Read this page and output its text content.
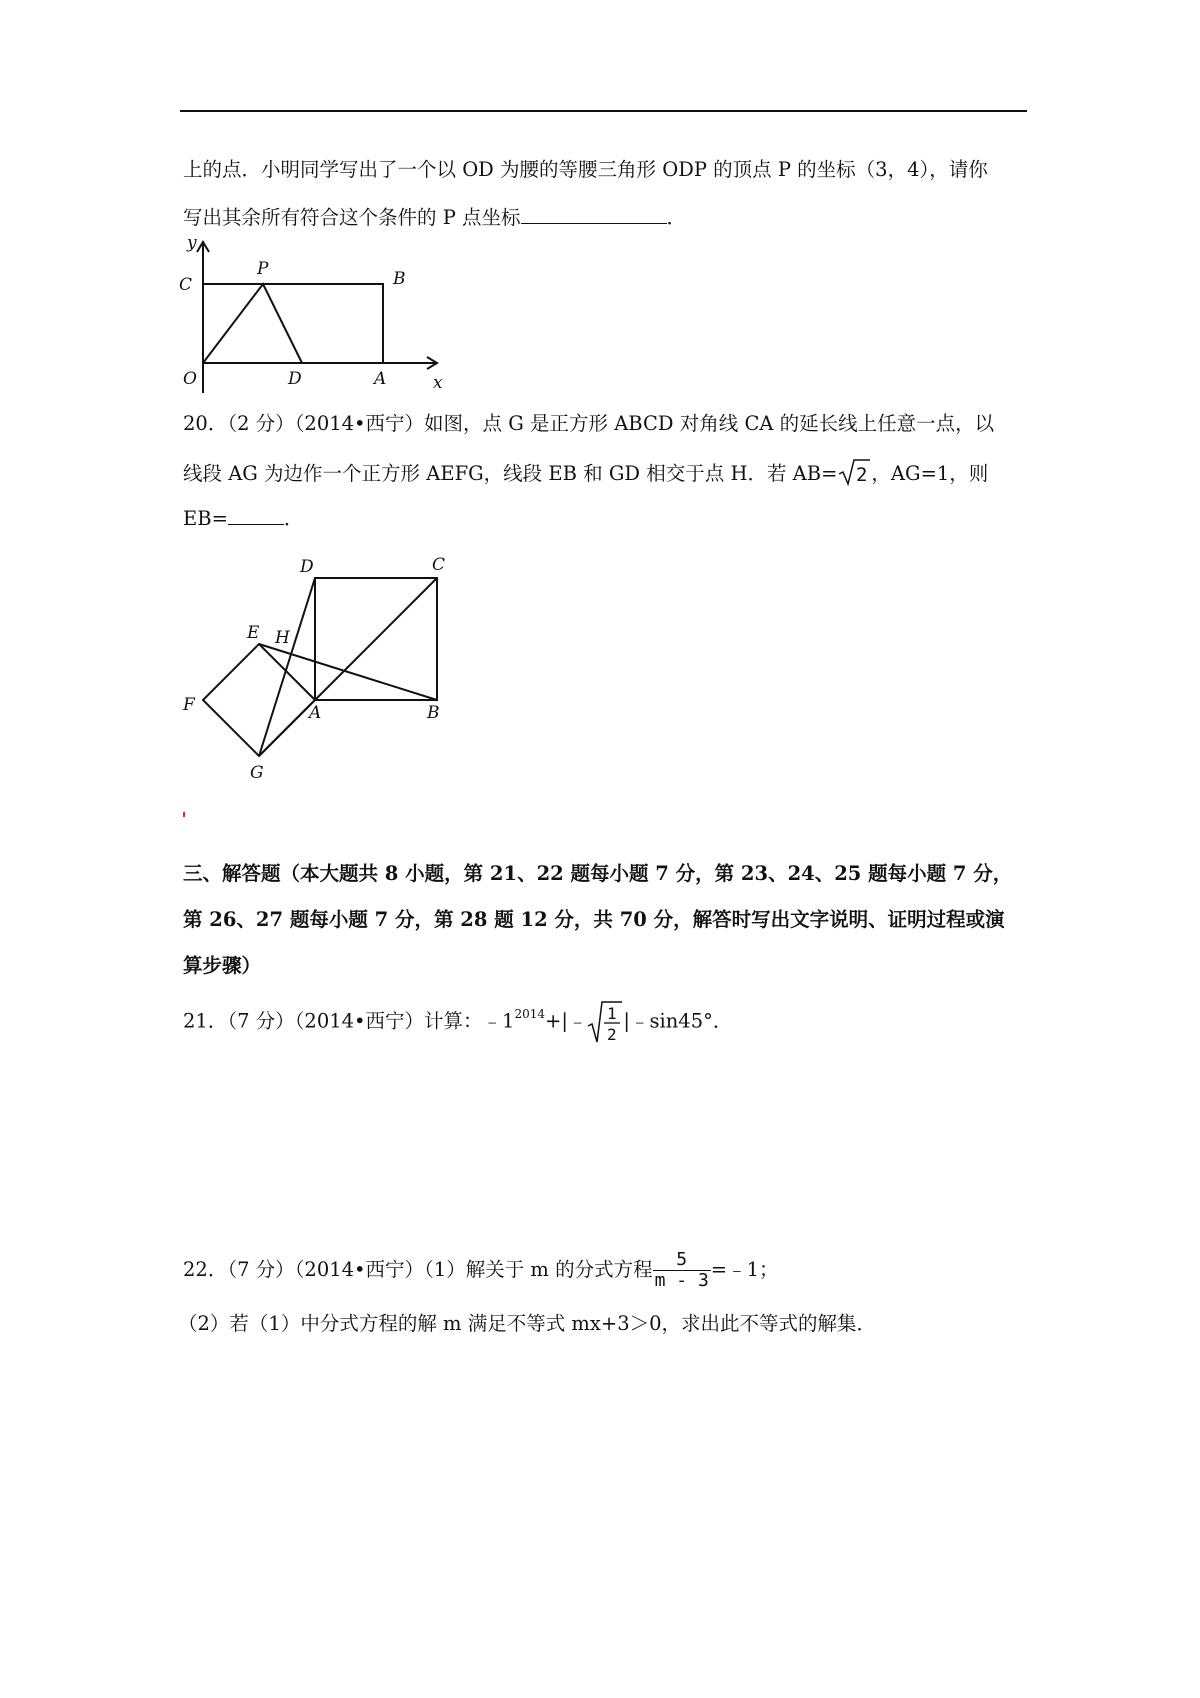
上的点．小明同学写出了一个以 OD 为腰的等腰三角形 ODP 的顶点 P 的坐标（3，4），请你
写出其余所有符合这个条件的 P 点坐标	．
y
x
C
P	B
O	D	A
20．（2 分）（2014•西宁）如图，点 G 是正方形 ABCD 对角线 CA 的延长线上任意一点，以
线段 AG 为边作一个正方形 AEFG，线段 EB 和 GD 相交于点 H．若 AB= 2 ，AG=1，则
EB=	．
D	C
E H
F	A	B
G
三、解答题（本大题共 8 小题，第 21、22 题每小题 7 分，第 23、24、25 题每小题 7 分，
第 26、27 题每小题 7 分，第 28 题 12 分，共 70 分，解答时写出文字说明、证明过程或演
算步骤）
21．（7 分）（2014•西宁）计算：$﹣1^{2014}+|﹣$ 1
2
|﹣sin45°．
22．（7 分）（2014•西宁）（1）解关于 m 的分式方程 $\frac{5}{m - 3}$ =﹣1；
（2）若（1）中分式方程的解 m 满足不等式 mx+3＞0，求出此不等式的解集．
